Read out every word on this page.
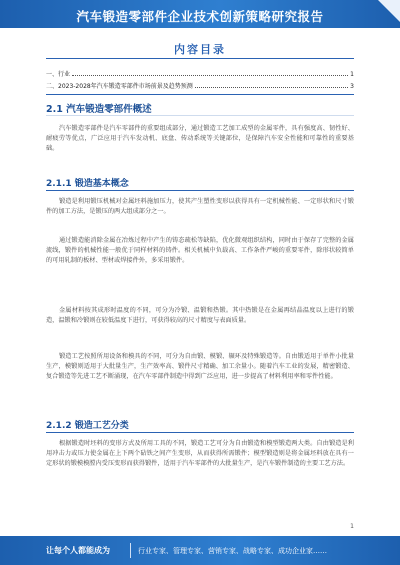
汽车锻造零部件企业技术创新策略研究报告
内容目录
一、行业	1
二、2023-2028年汽车锻造零部件市场前景及趋势预测	3
2.1 汽车锻造零部件概述

汽车锻造零部件是汽车零部件的重要组成部分，通过锻造工艺加工成型的金属零件，具有强度高、韧性好、耐疲劳等优点，广泛应用于汽车发动机、底盘、传动系统等关键部位，是保障汽车安全性能和可靠性的重要基础。

2.1.1 锻造基本概念

锻造是利用锻压机械对金属坯料施加压力，使其产生塑性变形以获得具有一定机械性能、一定形状和尺寸锻件的加工方法，是锻压的两大组成部分之一。

通过锻造能消除金属在冶炼过程中产生的铸态疏松等缺陷，优化微观组织结构，同时由于保存了完整的金属流线，锻件的机械性能一般优于同样材料的铸件。相关机械中负载高、工作条件严峻的重要零件，除形状较简单的可用轧制的板材、型材或焊接件外，多采用锻件。

金属材料按其成形时温度的不同，可分为冷锻、温锻和热锻。其中热锻是在金属再结晶温度以上进行的锻造，温锻和冷锻则在较低温度下进行，可获得较高的尺寸精度与表面质量。

锻造工艺按照所用设备和模具的不同，可分为自由锻、模锻、辗环及特殊锻造等。自由锻适用于单件小批量生产，模锻则适用于大批量生产，生产效率高、锻件尺寸精确、加工余量小。随着汽车工业的发展，精密锻造、复合锻造等先进工艺不断涌现，在汽车零部件制造中得到广泛应用，进一步提高了材料利用率和零件性能。

2.1.2 锻造工艺分类

根据锻造时坯料的变形方式及所用工具的不同，锻造工艺可分为自由锻造和模型锻造两大类。自由锻造是利用冲击力或压力使金属在上下两个砧铁之间产生变形，从而获得所需锻件；模型锻造则是将金属坯料放在具有一定形状的锻模模膛内受压变形而获得锻件，适用于汽车零部件的大批量生产，是汽车锻件制造的主要工艺方法。

1
让每个人都能成为	行业专家、管理专家、营销专家、战略专家、成功企业家……
